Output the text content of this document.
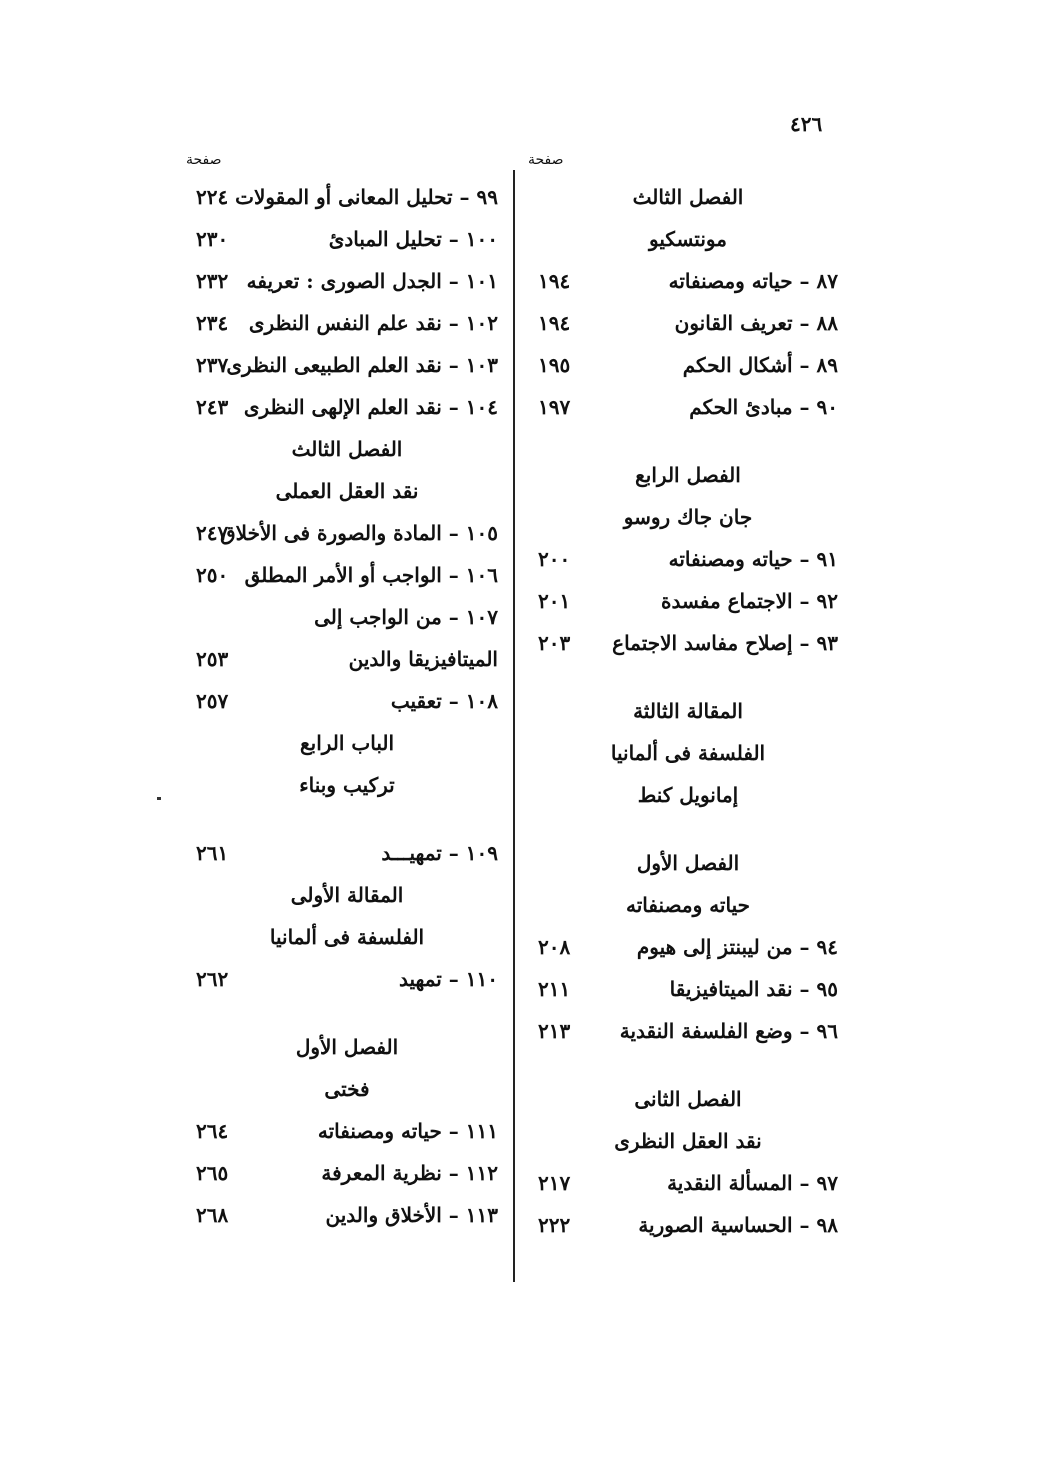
٤٢٦
صفحة	صفحة
الفصل الثالث
مونتسكيو
٨٧ – حياته ومصنفاته
١٩٤
٨٨ – تعريف القانون
١٩٤
٨٩ – أشكال الحكم
١٩٥
٩٠ – مبادئ الحكم
١٩٧
الفصل الرابع
جان جاك روسو
٩١ – حياته ومصنفاته
٢٠٠
٩٢ – الاجتماع مفسدة
٢٠١
٩٣ – إصلاح مفاسد الاجتماع
٢٠٣
المقالة الثالثة
الفلسفة فى ألمانيا
إمانويل كنط
الفصل الأول
حياته ومصنفاته
٩٤ – من ليبنتز إلى هيوم
٢٠٨
٩٥ – نقد الميتافيزيقا
٢١١
٩٦ – وضع الفلسفة النقدية
٢١٣
الفصل الثانى
نقد العقل النظرى
٩٧ – المسألة النقدية
٢١٧
٩٨ – الحساسية الصورية
٢٢٢
٩٩ – تحليل المعانى أو المقولات
٢٢٤
١٠٠ – تحليل المبادئ
٢٣٠
١٠١ – الجدل الصورى : تعريفه
٢٣٢
١٠٢ – نقد علم النفس النظرى
٢٣٤
١٠٣ – نقد العلم الطبيعى النظرى
٢٣٧
١٠٤ – نقد العلم الإلهى النظرى
٢٤٣
الفصل الثالث
نقد العقل العملى
١٠٥ – المادة والصورة فى الأخلاق
٢٤٧
١٠٦ – الواجب أو الأمر المطلق
٢٥٠
١٠٧ – من الواجب إلى
الميتافيزيقا والدين
٢٥٣
١٠٨ – تعقيب
٢٥٧
الباب الرابع
تركيب وبناء
١٠٩ – تمهيـــد
٢٦١
المقالة الأولى
الفلسفة فى ألمانيا
١١٠ – تمهيد
٢٦٢
الفصل الأول
فختى
١١١ – حياته ومصنفاته
٢٦٤
١١٢ – نظرية المعرفة
٢٦٥
١١٣ – الأخلاق والدين
٢٦٨
